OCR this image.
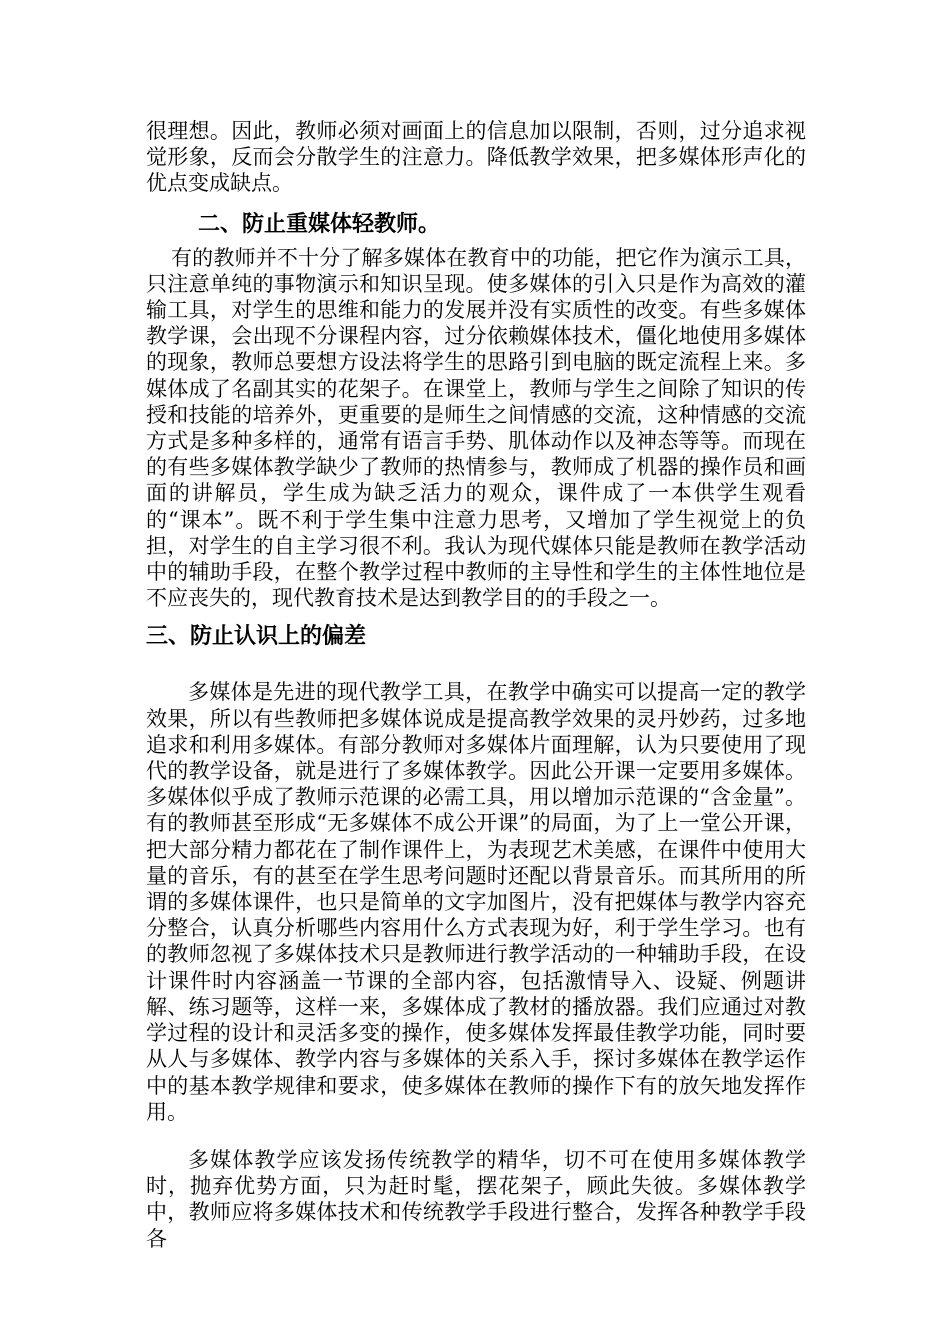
很理想。因此，教师必须对画面上的信息加以限制，否则，过分追求视觉形象，反而会分散学生的注意力。降低教学效果，把多媒体形声化的优点变成缺点。

二、防止重媒体轻教师。

有的教师并不十分了解多媒体在教育中的功能，把它作为演示工具，只注意单纯的事物演示和知识呈现。使多媒体的引入只是作为高效的灌输工具，对学生的思维和能力的发展并没有实质性的改变。有些多媒体教学课，会出现不分课程内容，过分依赖媒体技术，僵化地使用多媒体的现象，教师总要想方设法将学生的思路引到电脑的既定流程上来。多媒体成了名副其实的花架子。在课堂上，教师与学生之间除了知识的传授和技能的培养外，更重要的是师生之间情感的交流，这种情感的交流方式是多种多样的，通常有语言手势、肌体动作以及神态等等。而现在的有些多媒体教学缺少了教师的热情参与，教师成了机器的操作员和画面的讲解员，学生成为缺乏活力的观众，课件成了一本供学生观看的“课本”。既不利于学生集中注意力思考，又增加了学生视觉上的负担，对学生的自主学习很不利。我认为现代媒体只能是教师在教学活动中的辅助手段，在整个教学过程中教师的主导性和学生的主体性地位是不应丧失的，现代教育技术是达到教学目的的手段之一。

三、防止认识上的偏差

多媒体是先进的现代教学工具，在教学中确实可以提高一定的教学效果，所以有些教师把多媒体说成是提高教学效果的灵丹妙药，过多地追求和利用多媒体。有部分教师对多媒体片面理解，认为只要使用了现代的教学设备，就是进行了多媒体教学。因此公开课一定要用多媒体。多媒体似乎成了教师示范课的必需工具，用以增加示范课的“含金量”。有的教师甚至形成“无多媒体不成公开课”的局面，为了上一堂公开课，把大部分精力都花在了制作课件上，为表现艺术美感，在课件中使用大量的音乐，有的甚至在学生思考问题时还配以背景音乐。而其所用的所谓的多媒体课件，也只是简单的文字加图片，没有把媒体与教学内容充分整合，认真分析哪些内容用什么方式表现为好，利于学生学习。也有的教师忽视了多媒体技术只是教师进行教学活动的一种辅助手段，在设计课件时内容涵盖一节课的全部内容，包括激情导入、设疑、例题讲解、练习题等，这样一来，多媒体成了教材的播放器。我们应通过对教学过程的设计和灵活多变的操作，使多媒体发挥最佳教学功能，同时要从人与多媒体、教学内容与多媒体的关系入手，探讨多媒体在教学运作中的基本教学规律和要求，使多媒体在教师的操作下有的放矢地发挥作用。

多媒体教学应该发扬传统教学的精华，切不可在使用多媒体教学时，抛弃优势方面，只为赶时髦，摆花架子，顾此失彼。多媒体教学中，教师应将多媒体技术和传统教学手段进行整合，发挥各种教学手段各
